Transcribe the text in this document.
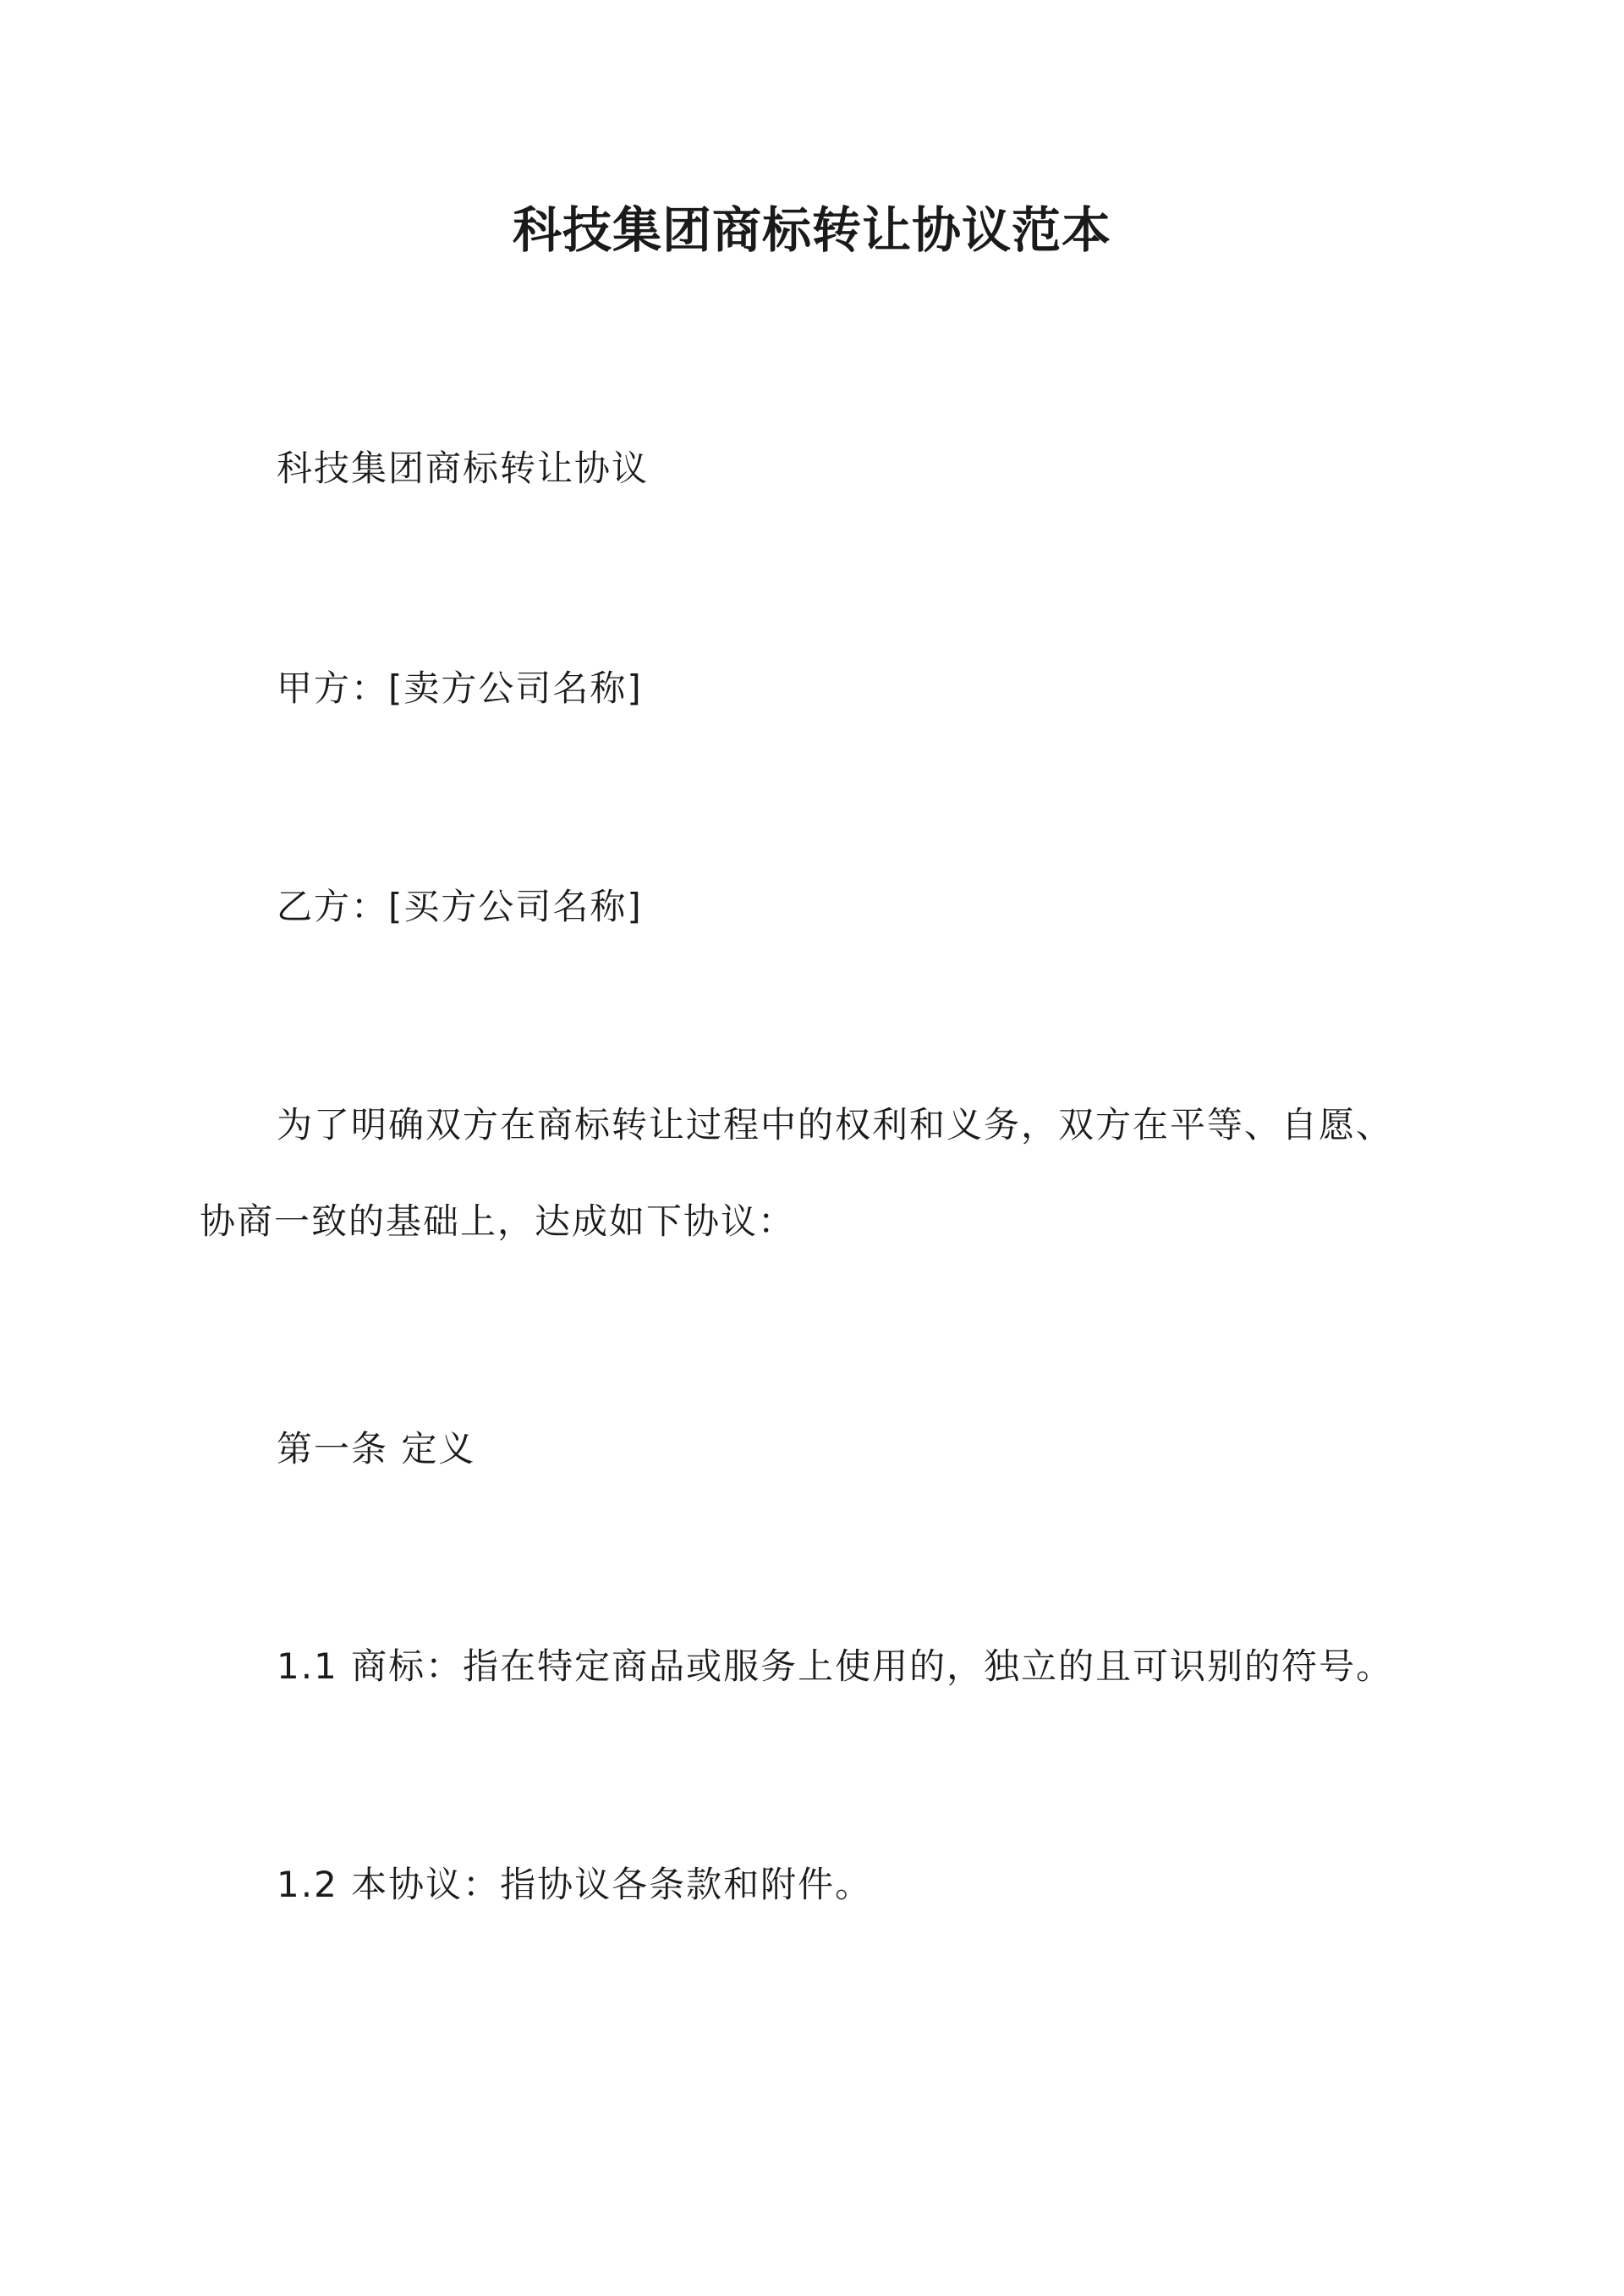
科技集团商标转让协议范本

科技集团商标转让协议

甲方：[卖方公司名称]

乙方：[买方公司名称]

为了明确双方在商标转让过程中的权利和义务，双方在平等、自愿、协商一致的基础上，达成如下协议：

第一条 定义

1.1 商标：指在特定商品或服务上使用的，独立的且可识别的符号。

1.2 本协议：指协议各条款和附件。
